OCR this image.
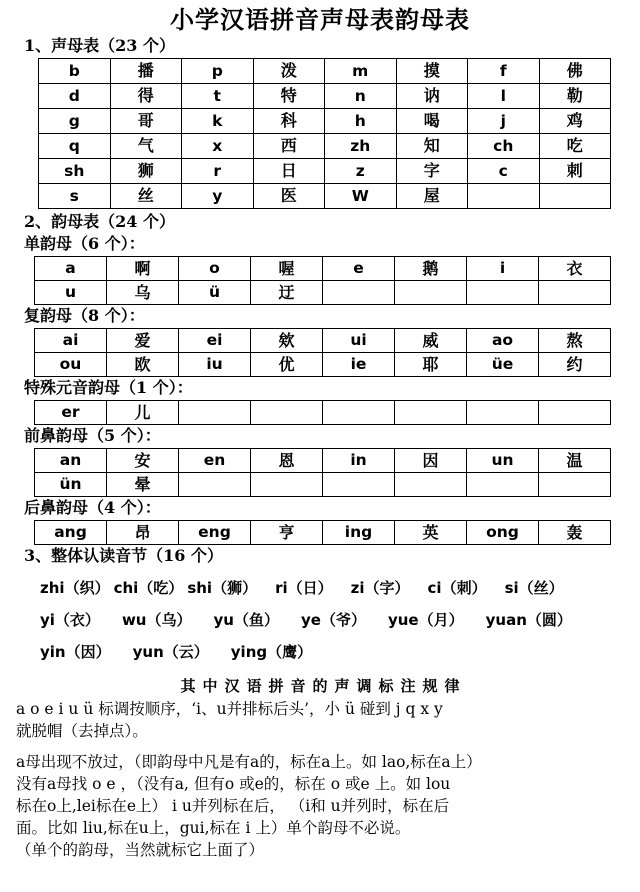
小学汉语拼音声母表韵母表
1、声母表（23 个）
b	播	p	泼	m	摸	f	佛
d	得	t	特	n	讷	l	勒
g	哥	k	科	h	喝	j	鸡
q	气	x	西	zh	知	ch	吃
sh	狮	r	日	z	字	c	刺
s	丝	y	医	W	屋		
2、韵母表（24 个）
单韵母（6 个）：
a	啊	o	喔	e	鹅	i	衣
u	乌	ü	迂				
复韵母（8 个）：
ai	爱	ei	欸	ui	威	ao	熬
ou	欧	iu	优	ie	耶	üe	约
特殊元音韵母（1 个）：
er	儿						
前鼻韵母（5 个）：
an	安	en	恩	in	因	un	温
ün	晕						
后鼻韵母（4 个）：
ang	昂	eng	亨	ing	英	ong	轰
3、整体认读音节（16 个）
zhi（织） chi（吃） shi（狮） ri（日） zi（字） ci（刺） si（丝）
yi（衣） wu（乌） yu（鱼） ye（爷） yue（月） yuan（圆）
yin（因） yun（云） ying（鹰）
其中汉语拼音的声调标注规律

a o e i u ü 标调按顺序，‘i、u并排标后头’，小 ü 碰到 j q x y

就脱帽（去掉点）。

a母出现不放过，（即韵母中凡是有a的，标在a上。如 lao,标在a上）

没有a母找 o e ，（没有a, 但有o 或e的，标在 o 或e 上。如 lou

标在o上,lei标在e上） i u并列标在后， （i和 u并列时，标在后

面。比如 liu,标在u上，gui,标在 i 上）单个韵母不必说。

（单个的韵母，当然就标它上面了）
